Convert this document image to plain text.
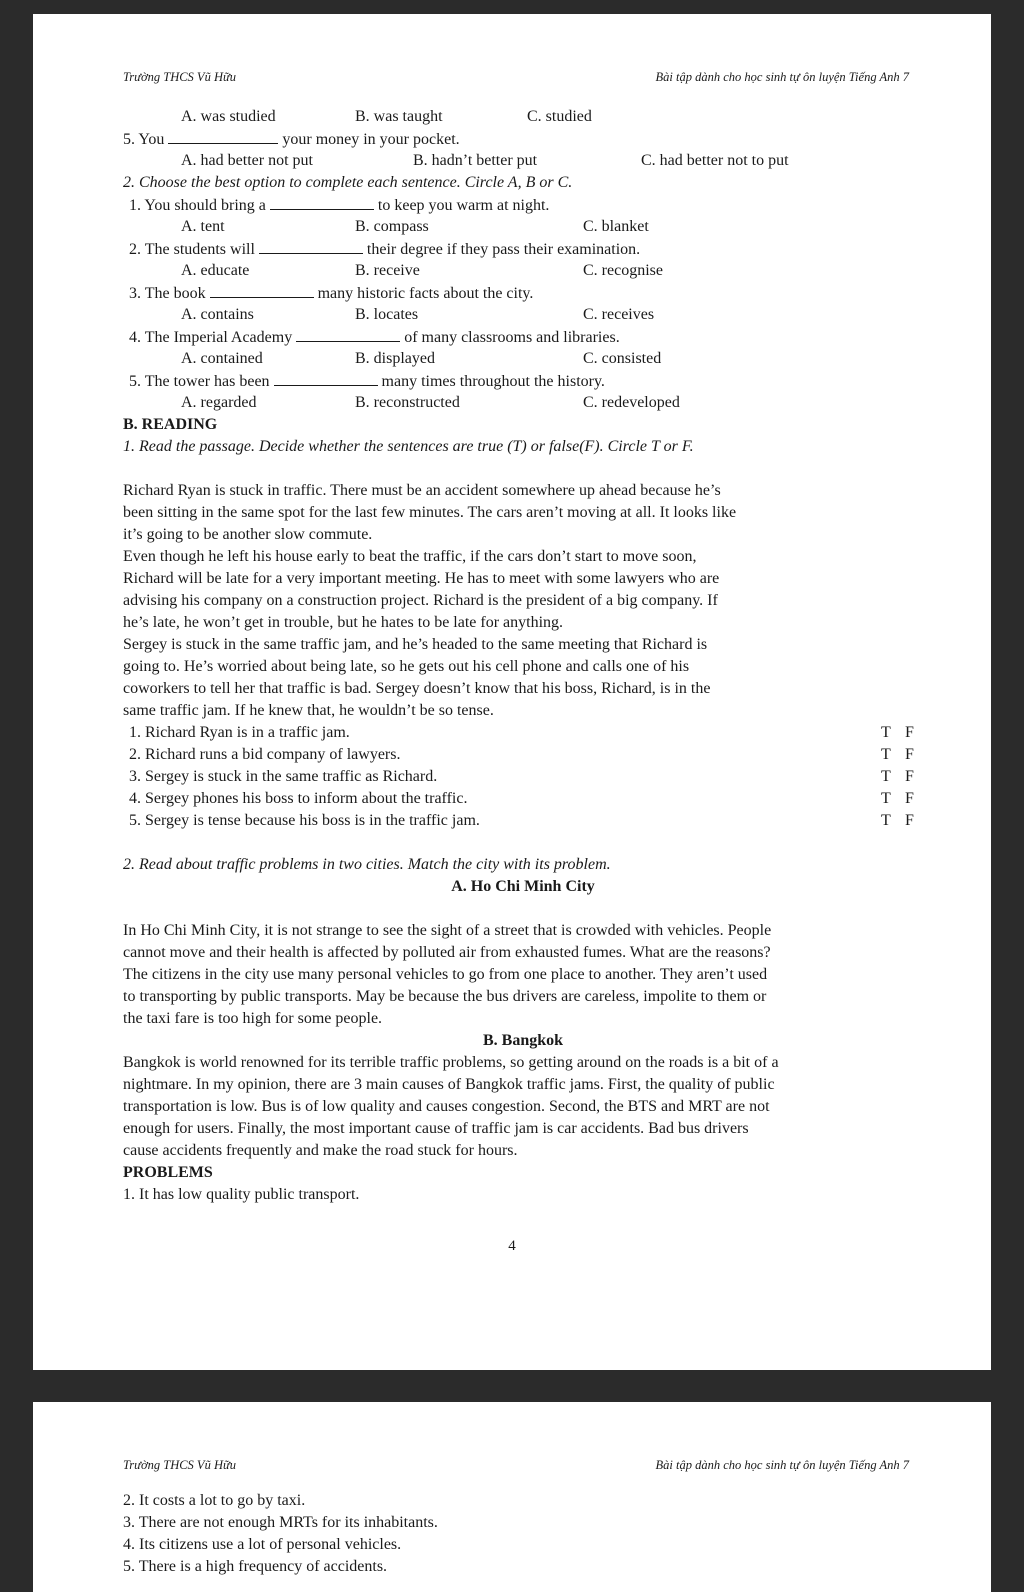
Trường THCS Vũ Hữu	Bài tập dành cho học sinh tự ôn luyện Tiếng Anh 7
A. was studied	B. was taught	C. studied
5. You	your money in your pocket.
A. had better not put	B. hadn’t better put	C. had better not to put
2. Choose the best option to complete each sentence. Circle A, B or C.
1. You should bring a	to keep you warm at night.
A. tent	B. compass	C. blanket
2. The students will	their degree if they pass their examination.
A. educate	B. receive	C. recognise
3. The book	many historic facts about the city.
A. contains	B. locates	C. receives
4. The Imperial Academy	of many classrooms and libraries.
A. contained	B. displayed	C. consisted
5. The tower has been	many times throughout the history.
A. regarded	B. reconstructed	C. redeveloped
B. READING
1. Read the passage. Decide whether the sentences are true (T) or false(F). Circle T or F.
Richard Ryan is stuck in traffic. There must be an accident somewhere up ahead because he’s
been sitting in the same spot for the last few minutes. The cars aren’t moving at all. It looks like
it’s going to be another slow commute.
Even though he left his house early to beat the traffic, if the cars don’t start to move soon,
Richard will be late for a very important meeting. He has to meet with some lawyers who are
advising his company on a construction project. Richard is the president of a big company. If
he’s late, he won’t get in trouble, but he hates to be late for anything.
Sergey is stuck in the same traffic jam, and he’s headed to the same meeting that Richard is
going to. He’s worried about being late, so he gets out his cell phone and calls one of his
coworkers to tell her that traffic is bad. Sergey doesn’t know that his boss, Richard, is in the
same traffic jam. If he knew that, he wouldn’t be so tense.
1. Richard Ryan is in a traffic jam.	T F
2. Richard runs a bid company of lawyers.	T F
3. Sergey is stuck in the same traffic as Richard.	T F
4. Sergey phones his boss to inform about the traffic.	T F
5. Sergey is tense because his boss is in the traffic jam.	T F
2. Read about traffic problems in two cities. Match the city with its problem.
A. Ho Chi Minh City
In Ho Chi Minh City, it is not strange to see the sight of a street that is crowded with vehicles. People
cannot move and their health is affected by polluted air from exhausted fumes. What are the reasons?
The citizens in the city use many personal vehicles to go from one place to another. They aren’t used
to transporting by public transports. May be because the bus drivers are careless, impolite to them or
the taxi fare is too high for some people.
B. Bangkok
Bangkok is world renowned for its terrible traffic problems, so getting around on the roads is a bit of a
nightmare. In my opinion, there are 3 main causes of Bangkok traffic jams. First, the quality of public
transportation is low. Bus is of low quality and causes congestion. Second, the BTS and MRT are not
enough for users. Finally, the most important cause of traffic jam is car accidents. Bad bus drivers
cause accidents frequently and make the road stuck for hours.
PROBLEMS
1. It has low quality public transport.
4
Trường THCS Vũ Hữu	Bài tập dành cho học sinh tự ôn luyện Tiếng Anh 7
2. It costs a lot to go by taxi.
3. There are not enough MRTs for its inhabitants.
4. Its citizens use a lot of personal vehicles.
5. There is a high frequency of accidents.
